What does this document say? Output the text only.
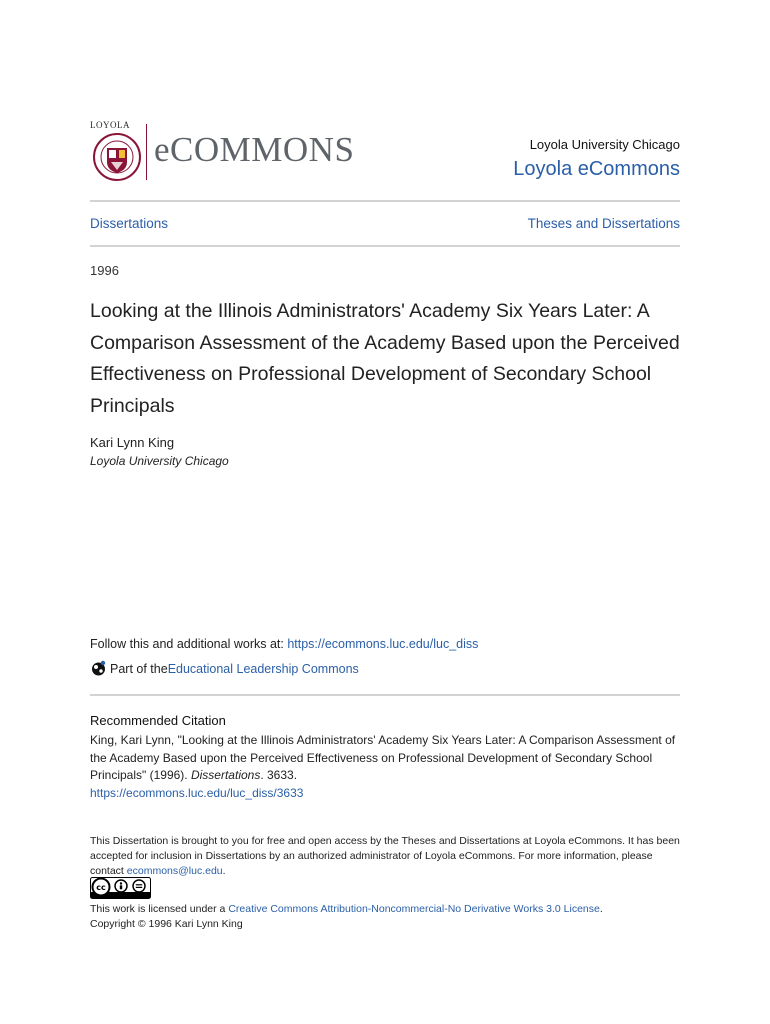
LOYOLA
eCOMMONS	Loyola University Chicago
Loyola eCommons
Dissertations	Theses and Dissertations
1996
Looking at the Illinois Administrators' Academy Six Years Later: A Comparison Assessment of the Academy Based upon the Perceived Effectiveness on Professional Development of Secondary School Principals
Kari Lynn King
Loyola University Chicago
Follow this and additional works at: https://ecommons.luc.edu/luc_diss
Part of the Educational Leadership Commons
Recommended Citation
King, Kari Lynn, "Looking at the Illinois Administrators' Academy Six Years Later: A Comparison Assessment of the Academy Based upon the Perceived Effectiveness on Professional Development of Secondary School Principals" (1996). Dissertations. 3633.
https://ecommons.luc.edu/luc_diss/3633
This Dissertation is brought to you for free and open access by the Theses and Dissertations at Loyola eCommons. It has been accepted for inclusion in Dissertations by an authorized administrator of Loyola eCommons. For more information, please contact ecommons@luc.edu.
cc
This work is licensed under a Creative Commons Attribution-Noncommercial-No Derivative Works 3.0 License.
Copyright © 1996 Kari Lynn King
